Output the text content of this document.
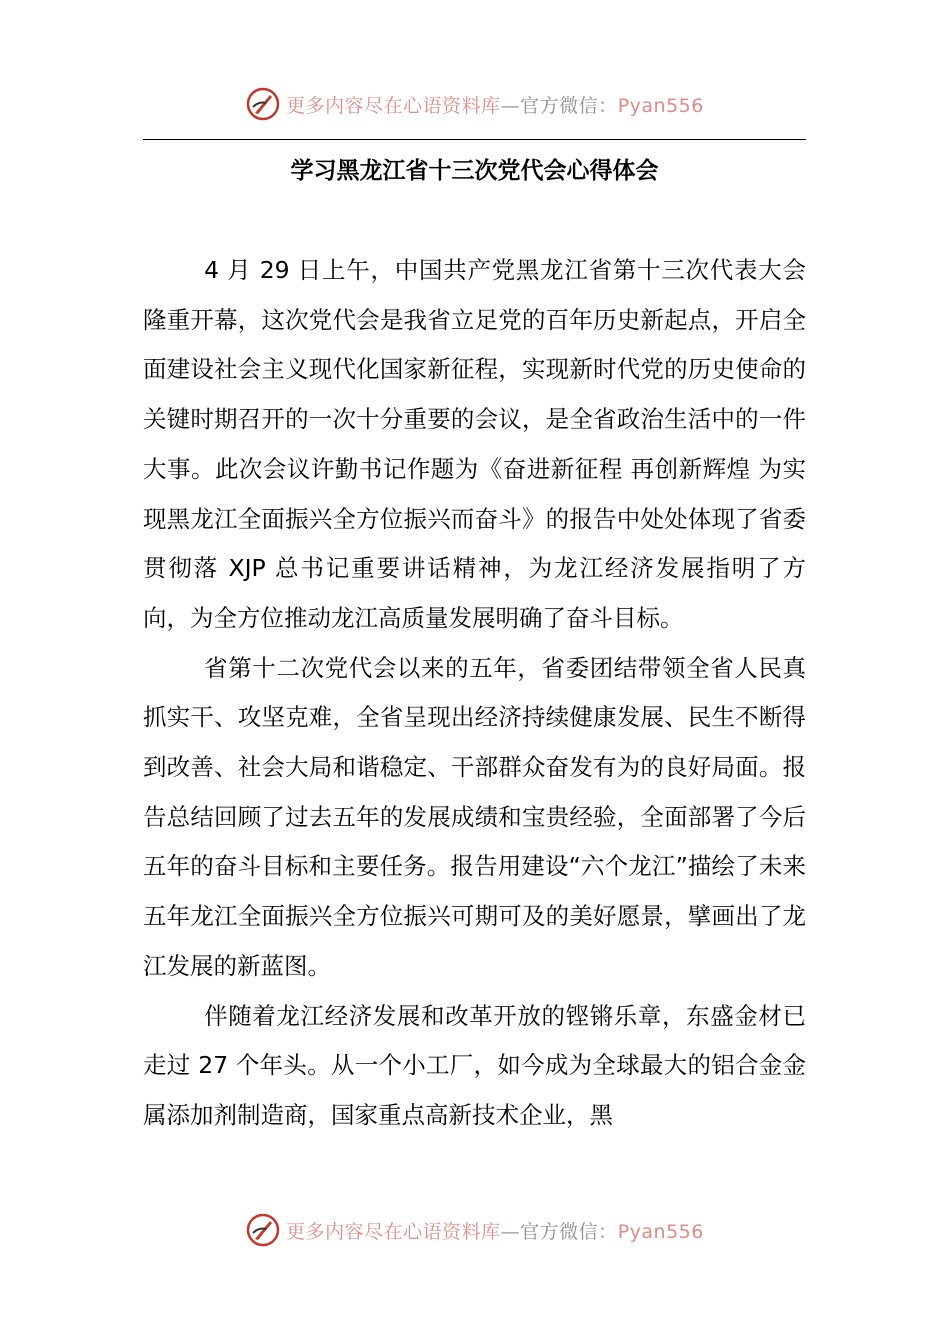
更多内容尽在心语资料库—官方微信：Pyan556
学习黑龙江省十三次党代会心得体会

4 月 29 日上午，中国共产党黑龙江省第十三次代表大会隆重开幕，这次党代会是我省立足党的百年历史新起点，开启全面建设社会主义现代化国家新征程，实现新时代党的历史使命的关键时期召开的一次十分重要的会议，是全省政治生活中的一件大事。此次会议许勤书记作题为《奋进新征程 再创新辉煌 为实现黑龙江全面振兴全方位振兴而奋斗》的报告中处处体现了省委贯彻落 XJP 总书记重要讲话精神，为龙江经济发展指明了方向，为全方位推动龙江高质量发展明确了奋斗目标。

省第十二次党代会以来的五年，省委团结带领全省人民真抓实干、攻坚克难，全省呈现出经济持续健康发展、民生不断得到改善、社会大局和谐稳定、干部群众奋发有为的良好局面。报告总结回顾了过去五年的发展成绩和宝贵经验，全面部署了今后五年的奋斗目标和主要任务。报告用建设“六个龙江”描绘了未来五年龙江全面振兴全方位振兴可期可及的美好愿景，擘画出了龙江发展的新蓝图。

伴随着龙江经济发展和改革开放的铿锵乐章，东盛金材已走过 27 个年头。从一个小工厂，如今成为全球最大的铝合金金属添加剂制造商，国家重点高新技术企业，黑

更多内容尽在心语资料库—官方微信：Pyan556
